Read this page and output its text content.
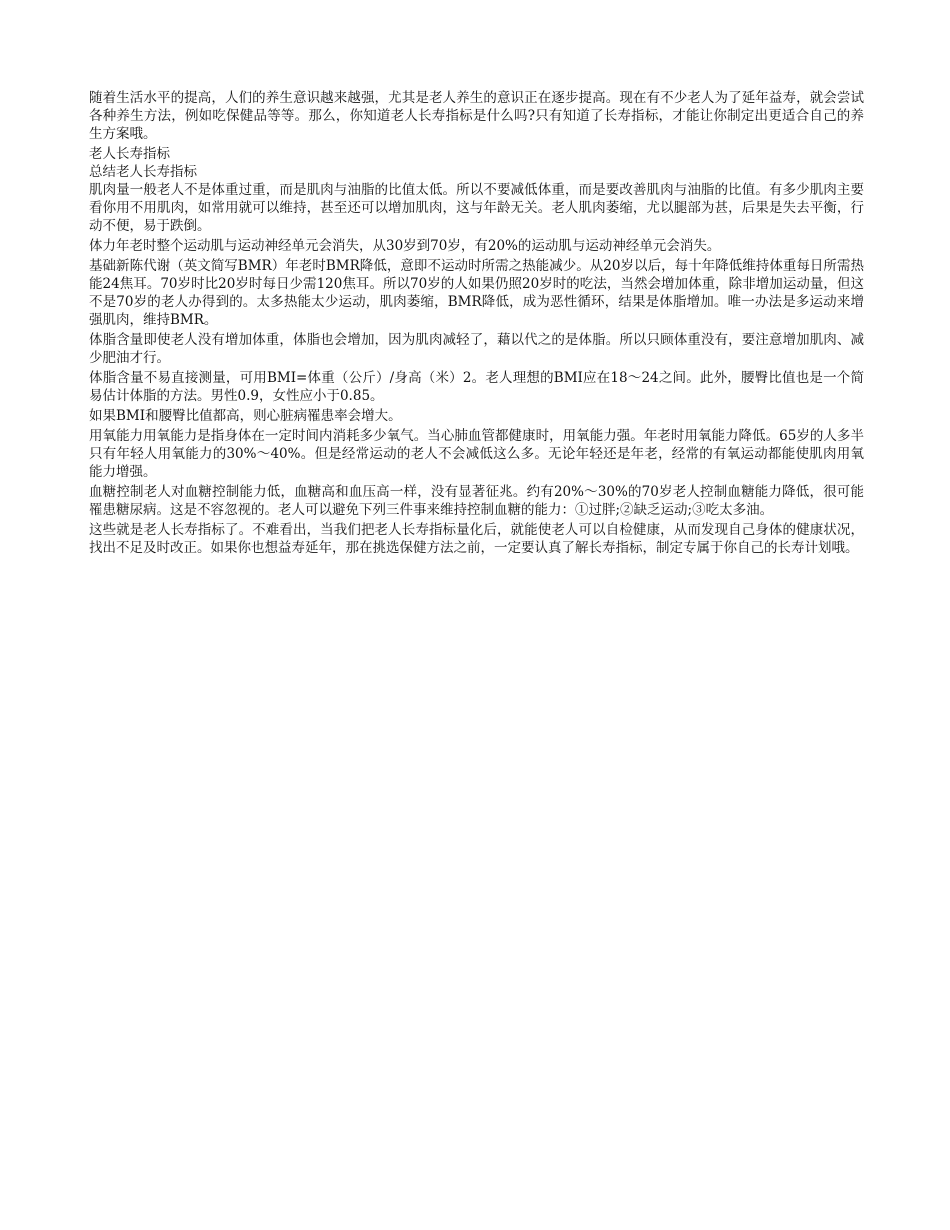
随着生活水平的提高，人们的养生意识越来越强，尤其是老人养生的意识正在逐步提高。现在有不少老人为了延年益寿，就会尝试各种养生方法，例如吃保健品等等。那么，你知道老人长寿指标是什么吗?只有知道了长寿指标，才能让你制定出更适合自己的养生方案哦。

老人长寿指标

总结老人长寿指标

肌肉量一般老人不是体重过重，而是肌肉与油脂的比值太低。所以不要减低体重，而是要改善肌肉与油脂的比值。有多少肌肉主要看你用不用肌肉，如常用就可以维持，甚至还可以增加肌肉，这与年龄无关。老人肌肉萎缩，尤以腿部为甚，后果是失去平衡，行动不便，易于跌倒。

体力年老时整个运动肌与运动神经单元会消失，从30岁到70岁，有20%的运动肌与运动神经单元会消失。

基础新陈代谢（英文简写BMR）年老时BMR降低，意即不运动时所需之热能减少。从20岁以后，每十年降低维持体重每日所需热能24焦耳。70岁时比20岁时每日少需120焦耳。所以70岁的人如果仍照20岁时的吃法，当然会增加体重，除非增加运动量，但这不是70岁的老人办得到的。太多热能太少运动，肌肉萎缩，BMR降低，成为恶性循环，结果是体脂增加。唯一办法是多运动来增强肌肉，维持BMR。

体脂含量即使老人没有增加体重，体脂也会增加，因为肌肉减轻了，藉以代之的是体脂。所以只顾体重没有，要注意增加肌肉、减少肥油才行。

体脂含量不易直接测量，可用BMI=体重（公斤）/身高（米）2。老人理想的BMI应在18～24之间。此外，腰臀比值也是一个简易估计体脂的方法。男性0.9，女性应小于0.85。

如果BMI和腰臀比值都高，则心脏病罹患率会增大。

用氧能力用氧能力是指身体在一定时间内消耗多少氧气。当心肺血管都健康时，用氧能力强。年老时用氧能力降低。65岁的人多半只有年轻人用氧能力的30%～40%。但是经常运动的老人不会减低这么多。无论年轻还是年老，经常的有氧运动都能使肌肉用氧能力增强。

血糖控制老人对血糖控制能力低，血糖高和血压高一样，没有显著征兆。约有20%～30%的70岁老人控制血糖能力降低，很可能罹患糖尿病。这是不容忽视的。老人可以避免下列三件事来维持控制血糖的能力：①过胖;②缺乏运动;③吃太多油。

这些就是老人长寿指标了。不难看出，当我们把老人长寿指标量化后，就能使老人可以自检健康，从而发现自己身体的健康状况，找出不足及时改正。如果你也想益寿延年，那在挑选保健方法之前，一定要认真了解长寿指标，制定专属于你自己的长寿计划哦。
